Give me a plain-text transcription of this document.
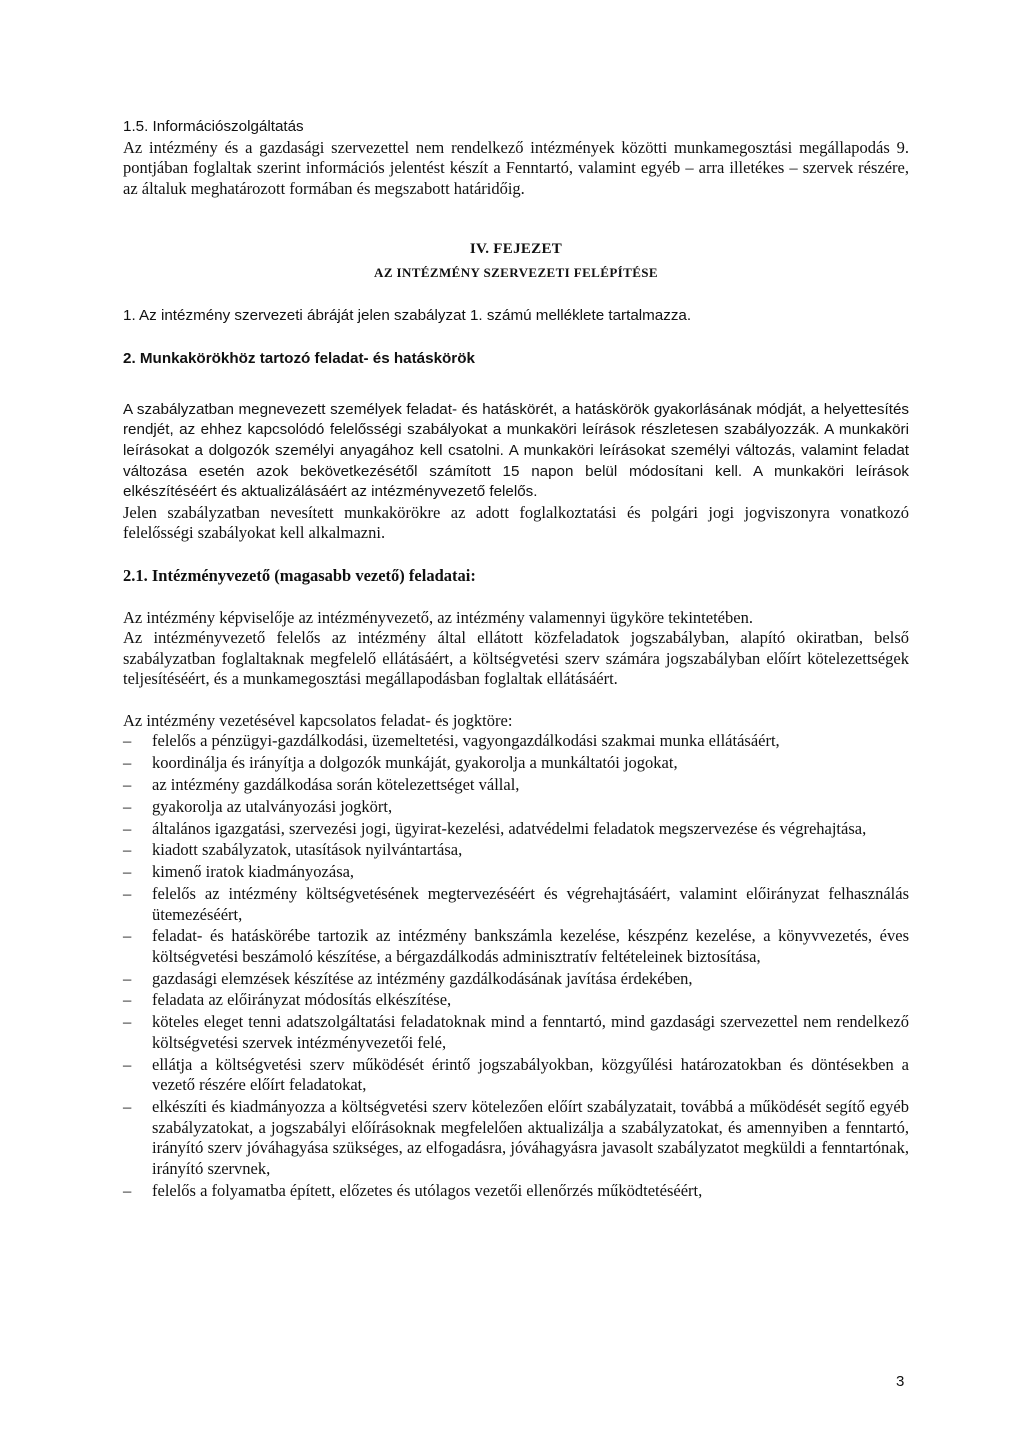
1.5. Információszolgáltatás

Az intézmény és a gazdasági szervezettel nem rendelkező intézmények közötti munkamegosztási megállapodás 9. pontjában foglaltak szerint információs jelentést készít a Fenntartó, valamint egyéb – arra illetékes – szervek részére, az általuk meghatározott formában és megszabott határidőig.

IV. FEJEZET
AZ INTÉZMÉNY SZERVEZETI FELÉPÍTÉSE

1. Az intézmény szervezeti ábráját jelen szabályzat 1. számú melléklete tartalmazza.

2. Munkakörökhöz tartozó feladat- és hatáskörök

A szabályzatban megnevezett személyek feladat- és hatáskörét, a hatáskörök gyakorlásának módját, a helyettesítés rendjét, az ehhez kapcsolódó felelősségi szabályokat a munkaköri leírások részletesen szabályozzák. A munkaköri leírásokat a dolgozók személyi anyagához kell csatolni. A munkaköri leírásokat személyi változás, valamint feladat változása esetén azok bekövetkezésétől számított 15 napon belül módosítani kell. A munkaköri leírások elkészítéséért és aktualizálásáért az intézményvezető felelős.

Jelen szabályzatban nevesített munkakörökre az adott foglalkoztatási és polgári jogi jogviszonyra vonatkozó felelősségi szabályokat kell alkalmazni.

2.1. Intézményvezető (magasabb vezető) feladatai:

Az intézmény képviselője az intézményvezető, az intézmény valamennyi ügyköre tekintetében.

Az intézményvezető felelős az intézmény által ellátott közfeladatok jogszabályban, alapító okiratban, belső szabályzatban foglaltaknak megfelelő ellátásáért, a költségvetési szerv számára jogszabályban előírt kötelezettségek teljesítéséért, és a munkamegosztási megállapodásban foglaltak ellátásáért.

Az intézmény vezetésével kapcsolatos feladat- és jogktöre:

– felelős a pénzügyi-gazdálkodási, üzemeltetési, vagyongazdálkodási szakmai munka ellátásáért,
– koordinálja és irányítja a dolgozók munkáját, gyakorolja a munkáltatói jogokat,
– az intézmény gazdálkodása során kötelezettséget vállal,
– gyakorolja az utalványozási jogkört,
– általános igazgatási, szervezési jogi, ügyirat-kezelési, adatvédelmi feladatok megszervezése és végrehajtása,
– kiadott szabályzatok, utasítások nyilvántartása,
– kimenő iratok kiadmányozása,
– felelős az intézmény költségvetésének megtervezéséért és végrehajtásáért, valamint előirányzat felhasználás ütemezéséért,
– feladat- és hatáskörébe tartozik az intézmény bankszámla kezelése, készpénz kezelése, a könyvvezetés, éves költségvetési beszámoló készítése, a bérgazdálkodás adminisztratív feltételeinek biztosítása,
– gazdasági elemzések készítése az intézmény gazdálkodásának javítása érdekében,
– feladata az előirányzat módosítás elkészítése,
– köteles eleget tenni adatszolgáltatási feladatoknak mind a fenntartó, mind gazdasági szervezettel nem rendelkező költségvetési szervek intézményvezetői felé,
– ellátja a költségvetési szerv működését érintő jogszabályokban, közgyűlési határozatokban és döntésekben a vezető részére előírt feladatokat,
– elkészíti és kiadmányozza a költségvetési szerv kötelezően előírt szabályzatait, továbbá a működését segítő egyéb szabályzatokat, a jogszabályi előírásoknak megfelelően aktualizálja a szabályzatokat, és amennyiben a fenntartó, irányító szerv jóváhagyása szükséges, az elfogadásra, jóváhagyásra javasolt szabályzatot megküldi a fenntartónak, irányító szervnek,
– felelős a folyamatba épített, előzetes és utólagos vezetői ellenőrzés működtetéséért,
3
